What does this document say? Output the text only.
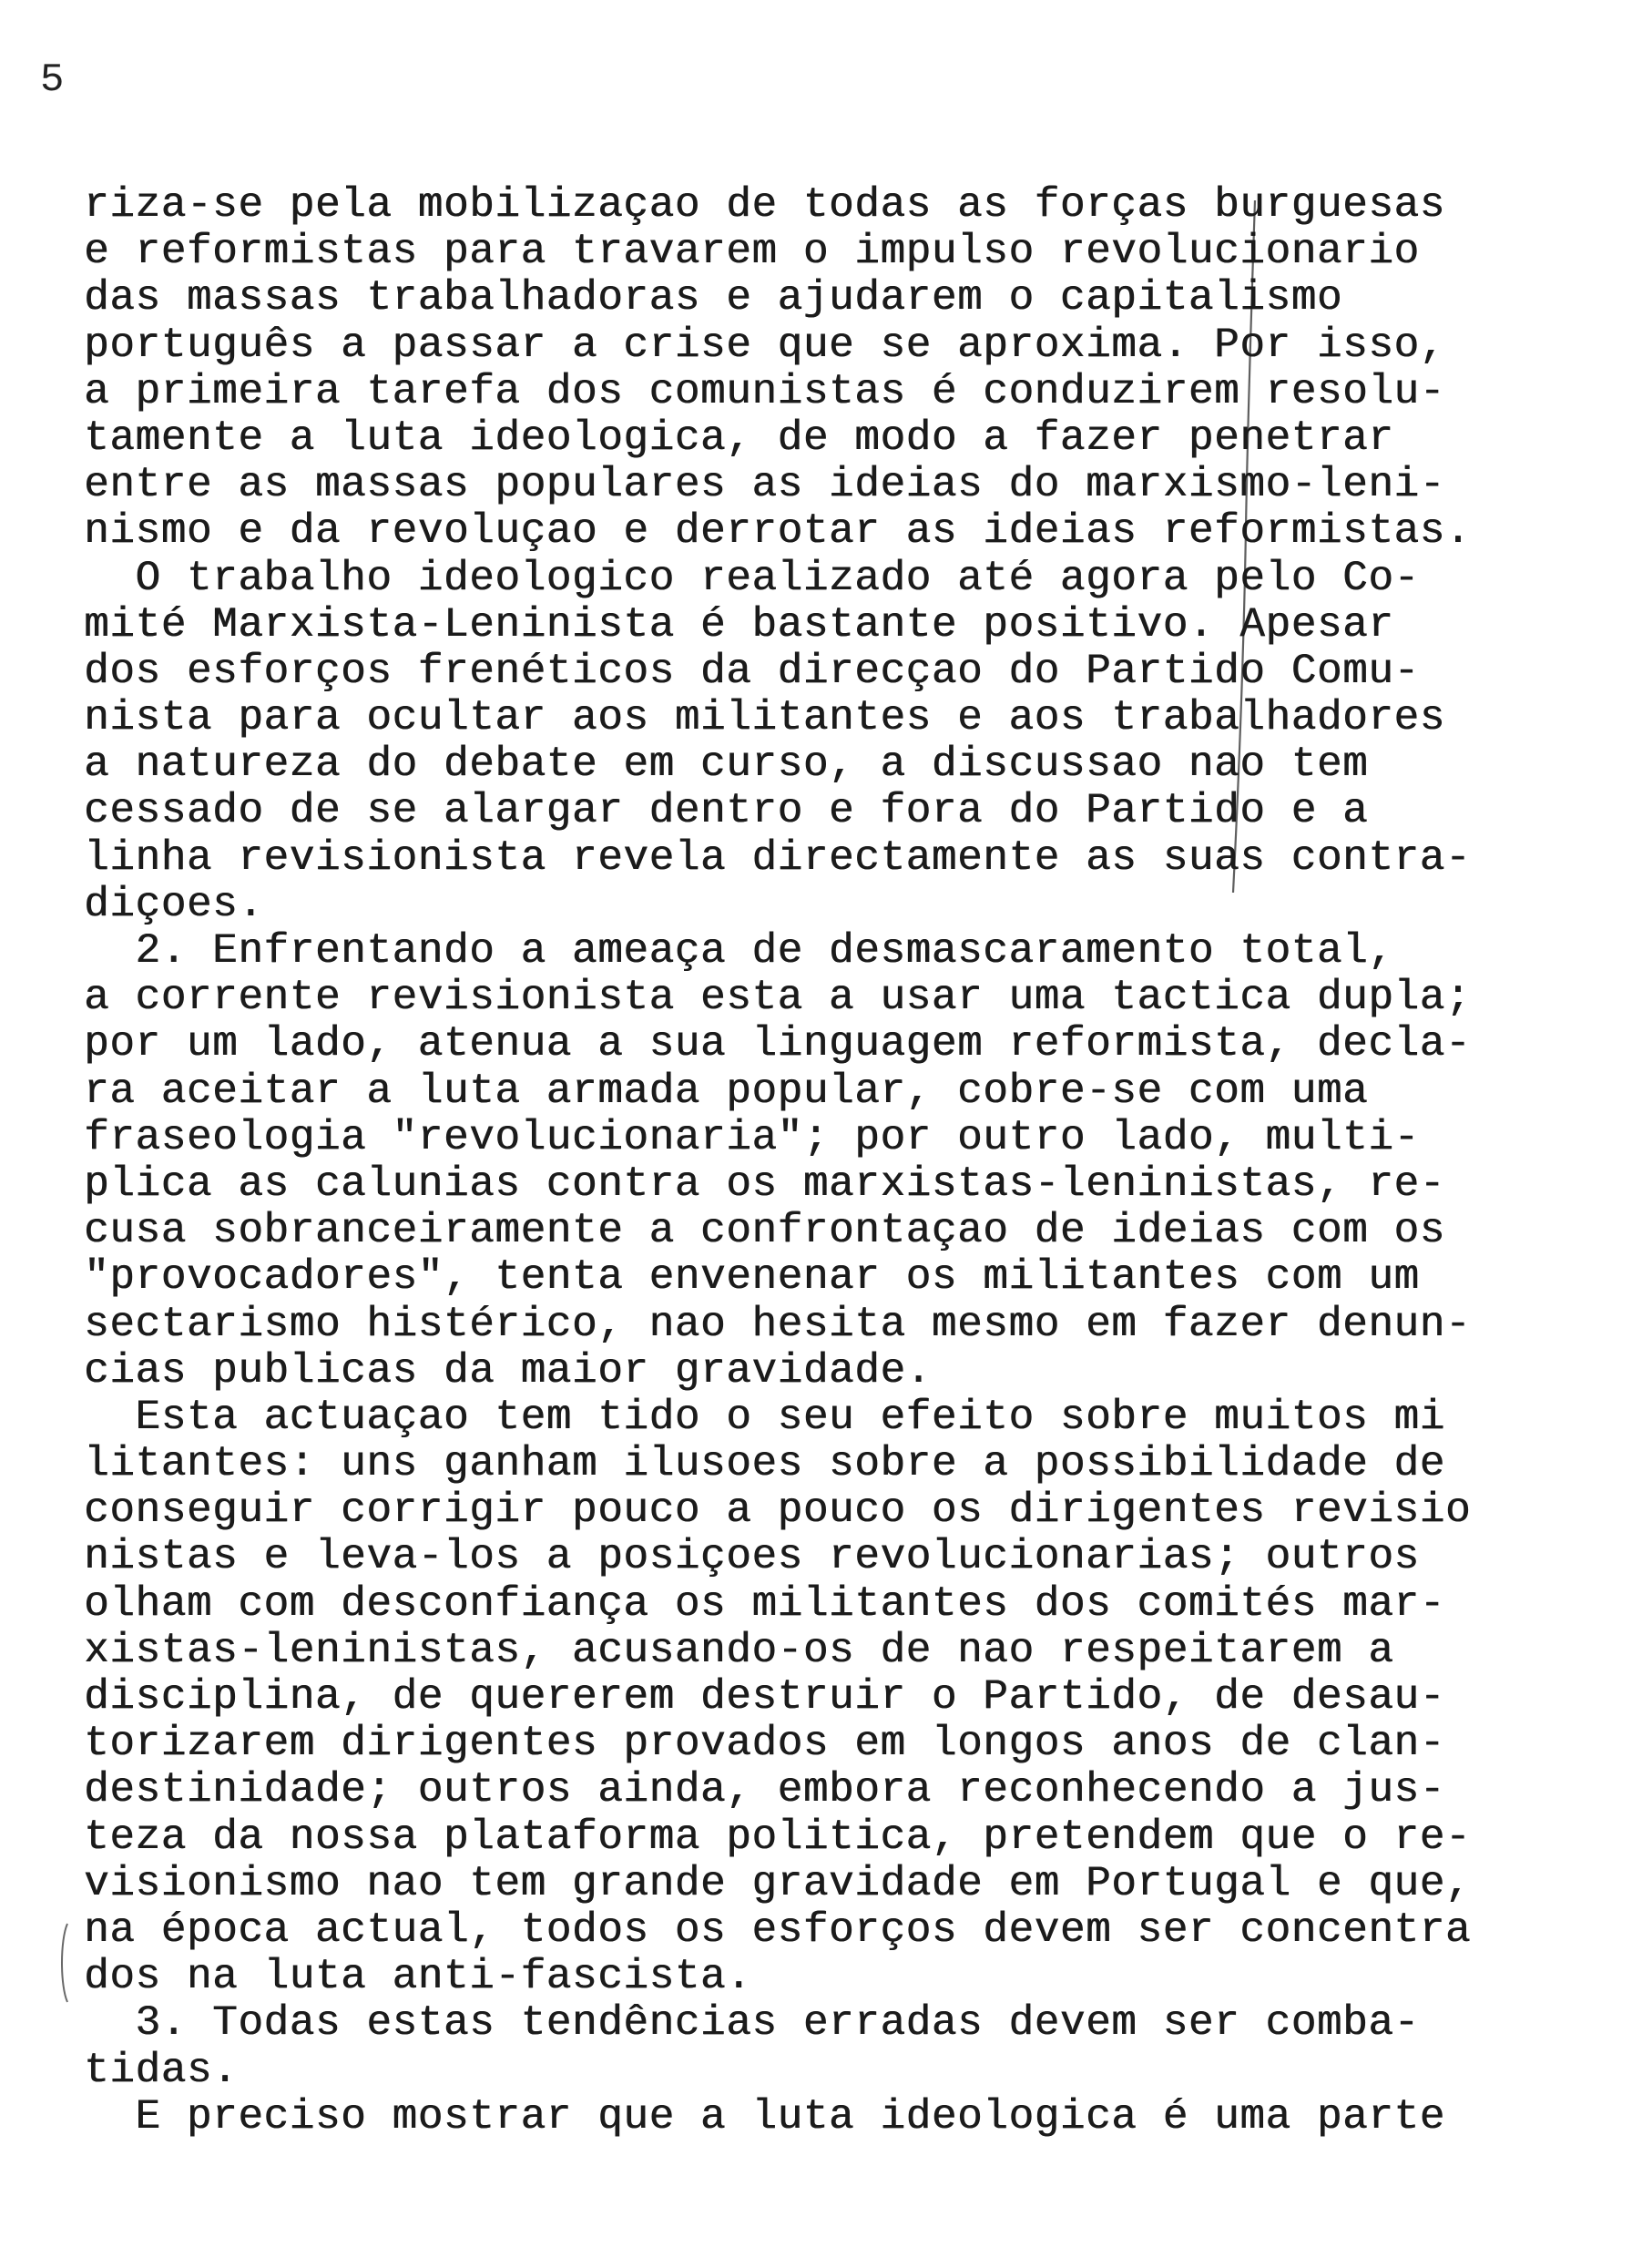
5
riza-se pela mobilizaçao de todas as forças burguesas
e reformistas para travarem o impulso revolucionario
das massas trabalhadoras e ajudarem o capitalismo
português a passar a crise que se aproxima. Por isso,
a primeira tarefa dos comunistas é conduzirem resolu-
tamente a luta ideologica, de modo a fazer penetrar
entre as massas populares as ideias do marxismo-leni-
nismo e da revoluçao e derrotar as ideias reformistas.
O trabalho ideologico realizado até agora pelo Co-
mité Marxista-Leninista é bastante positivo. Apesar
dos esforços frenéticos da direcçao do Partido Comu-
nista para ocultar aos militantes e aos trabalhadores
a natureza do debate em curso, a discussao nao tem
cessado de se alargar dentro e fora do Partido e a
linha revisionista revela directamente as suas contra-
diçoes.
2. Enfrentando a ameaça de desmascaramento total,
a corrente revisionista esta a usar uma tactica dupla;
por um lado, atenua a sua linguagem reformista, decla-
ra aceitar a luta armada popular, cobre-se com uma
fraseologia "revolucionaria"; por outro lado, multi-
plica as calunias contra os marxistas-leninistas, re-
cusa sobranceiramente a confrontaçao de ideias com os
"provocadores", tenta envenenar os militantes com um
sectarismo histérico, nao hesita mesmo em fazer denun-
cias publicas da maior gravidade.
Esta actuaçao tem tido o seu efeito sobre muitos mi
litantes: uns ganham ilusoes sobre a possibilidade de
conseguir corrigir pouco a pouco os dirigentes revisio
nistas e leva-los a posiçoes revolucionarias; outros
olham com desconfiança os militantes dos comités mar-
xistas-leninistas, acusando-os de nao respeitarem a
disciplina, de quererem destruir o Partido, de desau-
torizarem dirigentes provados em longos anos de clan-
destinidade; outros ainda, embora reconhecendo a jus-
teza da nossa plataforma politica, pretendem que o re-
visionismo nao tem grande gravidade em Portugal e que,
na época actual, todos os esforços devem ser concentra
dos na luta anti-fascista.
3. Todas estas tendências erradas devem ser comba-
tidas.
E preciso mostrar que a luta ideologica é uma parte
